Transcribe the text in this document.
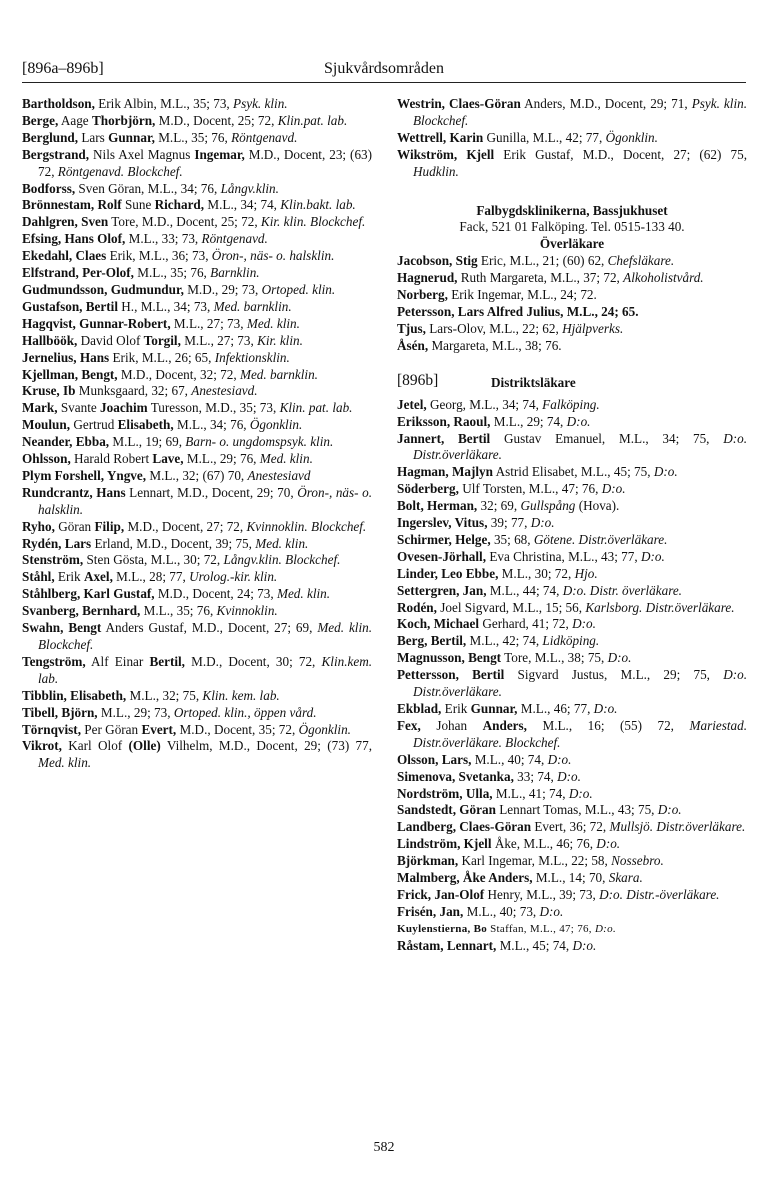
[896a–896b]	Sjukvårdsområden
Bartholdson, Erik Albin, M.L., 35; 73, Psyk. klin.
Berge, Aage Thorbjörn, M.D., Docent, 25; 72, Klin.pat. lab.
Berglund, Lars Gunnar, M.L., 35; 76, Röntgenavd.
Bergstrand, Nils Axel Magnus Ingemar, M.D., Docent, 23; (63) 72, Röntgenavd. Blockchef.
Bodforss, Sven Göran, M.L., 34; 76, Långv.klin.
Brönnestam, Rolf Sune Richard, M.L., 34; 74, Klin.bakt. lab.
Dahlgren, Sven Tore, M.D., Docent, 25; 72, Kir. klin. Blockchef.
Efsing, Hans Olof, M.L., 33; 73, Röntgenavd.
Ekedahl, Claes Erik, M.L., 36; 73, Öron-, näs- o. halsklin.
Elfstrand, Per-Olof, M.L., 35; 76, Barnklin.
Gudmundsson, Gudmundur, M.D., 29; 73, Ortoped. klin.
Gustafson, Bertil H., M.L., 34; 73, Med. barnklin.
Hagqvist, Gunnar-Robert, M.L., 27; 73, Med. klin.
Hallböök, David Olof Torgil, M.L., 27; 73, Kir. klin.
Jernelius, Hans Erik, M.L., 26; 65, Infektionsklin.
Kjellman, Bengt, M.D., Docent, 32; 72, Med. barnklin.
Kruse, Ib Munksgaard, 32; 67, Anestesiavd.
Mark, Svante Joachim Turesson, M.D., 35; 73, Klin. pat. lab.
Moulun, Gertrud Elisabeth, M.L., 34; 76, Ögonklin.
Neander, Ebba, M.L., 19; 69, Barn- o. ungdomspsyk. klin.
Ohlsson, Harald Robert Lave, M.L., 29; 76, Med. klin.
Plym Forshell, Yngve, M.L., 32; (67) 70, Anestesiavd
Rundcrantz, Hans Lennart, M.D., Docent, 29; 70, Öron-, näs- o. halsklin.
Ryho, Göran Filip, M.D., Docent, 27; 72, Kvinnoklin. Blockchef.
Rydén, Lars Erland, M.D., Docent, 39; 75, Med. klin.
Stenström, Sten Gösta, M.L., 30; 72, Långv.klin. Blockchef.
Ståhl, Erik Axel, M.L., 28; 77, Urolog.-kir. klin.
Ståhlberg, Karl Gustaf, M.D., Docent, 24; 73, Med. klin.
Svanberg, Bernhard, M.L., 35; 76, Kvinnoklin.
Swahn, Bengt Anders Gustaf, M.D., Docent, 27; 69, Med. klin. Blockchef.
Tengström, Alf Einar Bertil, M.D., Docent, 30; 72, Klin.kem. lab.
Tibblin, Elisabeth, M.L., 32; 75, Klin. kem. lab.
Tibell, Björn, M.L., 29; 73, Ortoped. klin., öppen vård.
Törnqvist, Per Göran Evert, M.D., Docent, 35; 72, Ögonklin.
Vikrot, Karl Olof (Olle) Vilhelm, M.D., Docent, 29; (73) 77, Med. klin.
Westrin, Claes-Göran Anders, M.D., Docent, 29; 71, Psyk. klin. Blockchef.
Wettrell, Karin Gunilla, M.L., 42; 77, Ögonklin.
Wikström, Kjell Erik Gustaf, M.D., Docent, 27; (62) 75, Hudklin.
Falbygdsklinikerna, Bassjukhuset
Fack, 521 01 Falköping. Tel. 0515-133 40.
Överläkare
Jacobson, Stig Eric, M.L., 21; (60) 62, Chefsläkare.
Hagnerud, Ruth Margareta, M.L., 37; 72, Alkoholistvård.
Norberg, Erik Ingemar, M.L., 24; 72.
Petersson, Lars Alfred Julius, M.L., 24; 65.
Tjus, Lars-Olov, M.L., 22; 62, Hjälpverks.
Åsén, Margareta, M.L., 38; 76.
[896b]	Distriktsläkare
Jetel, Georg, M.L., 34; 74, Falköping.
Eriksson, Raoul, M.L., 29; 74, D:o.
Jannert, Bertil Gustav Emanuel, M.L., 34; 75, D:o. Distr.överläkare.
Hagman, Majlyn Astrid Elisabet, M.L., 45; 75, D:o.
Söderberg, Ulf Torsten, M.L., 47; 76, D:o.
Bolt, Herman, 32; 69, Gullspång (Hova).
Ingerslev, Vitus, 39; 77, D:o.
Schirmer, Helge, 35; 68, Götene. Distr.överläkare.
Ovesen-Jörhall, Eva Christina, M.L., 43; 77, D:o.
Linder, Leo Ebbe, M.L., 30; 72, Hjo.
Settergren, Jan, M.L., 44; 74, D:o. Distr. överläkare.
Rodén, Joel Sigvard, M.L., 15; 56, Karlsborg. Distr.överläkare.
Koch, Michael Gerhard, 41; 72, D:o.
Berg, Bertil, M.L., 42; 74, Lidköping.
Magnusson, Bengt Tore, M.L., 38; 75, D:o.
Pettersson, Bertil Sigvard Justus, M.L., 29; 75, D:o. Distr.överläkare.
Ekblad, Erik Gunnar, M.L., 46; 77, D:o.
Fex, Johan Anders, M.L., 16; (55) 72, Mariestad. Distr.överläkare. Blockchef.
Olsson, Lars, M.L., 40; 74, D:o.
Simenova, Svetanka, 33; 74, D:o.
Nordström, Ulla, M.L., 41; 74, D:o.
Sandstedt, Göran Lennart Tomas, M.L., 43; 75, D:o.
Landberg, Claes-Göran Evert, 36; 72, Mullsjö. Distr.överläkare.
Lindström, Kjell Åke, M.L., 46; 76, D:o.
Björkman, Karl Ingemar, M.L., 22; 58, Nossebro.
Malmberg, Åke Anders, M.L., 14; 70, Skara.
Frick, Jan-Olof Henry, M.L., 39; 73, D:o. Distr.-överläkare.
Frisén, Jan, M.L., 40; 73, D:o.
Kuylenstierna, Bo Staffan, M.L., 47; 76, D:o.
Råstam, Lennart, M.L., 45; 74, D:o.
582
